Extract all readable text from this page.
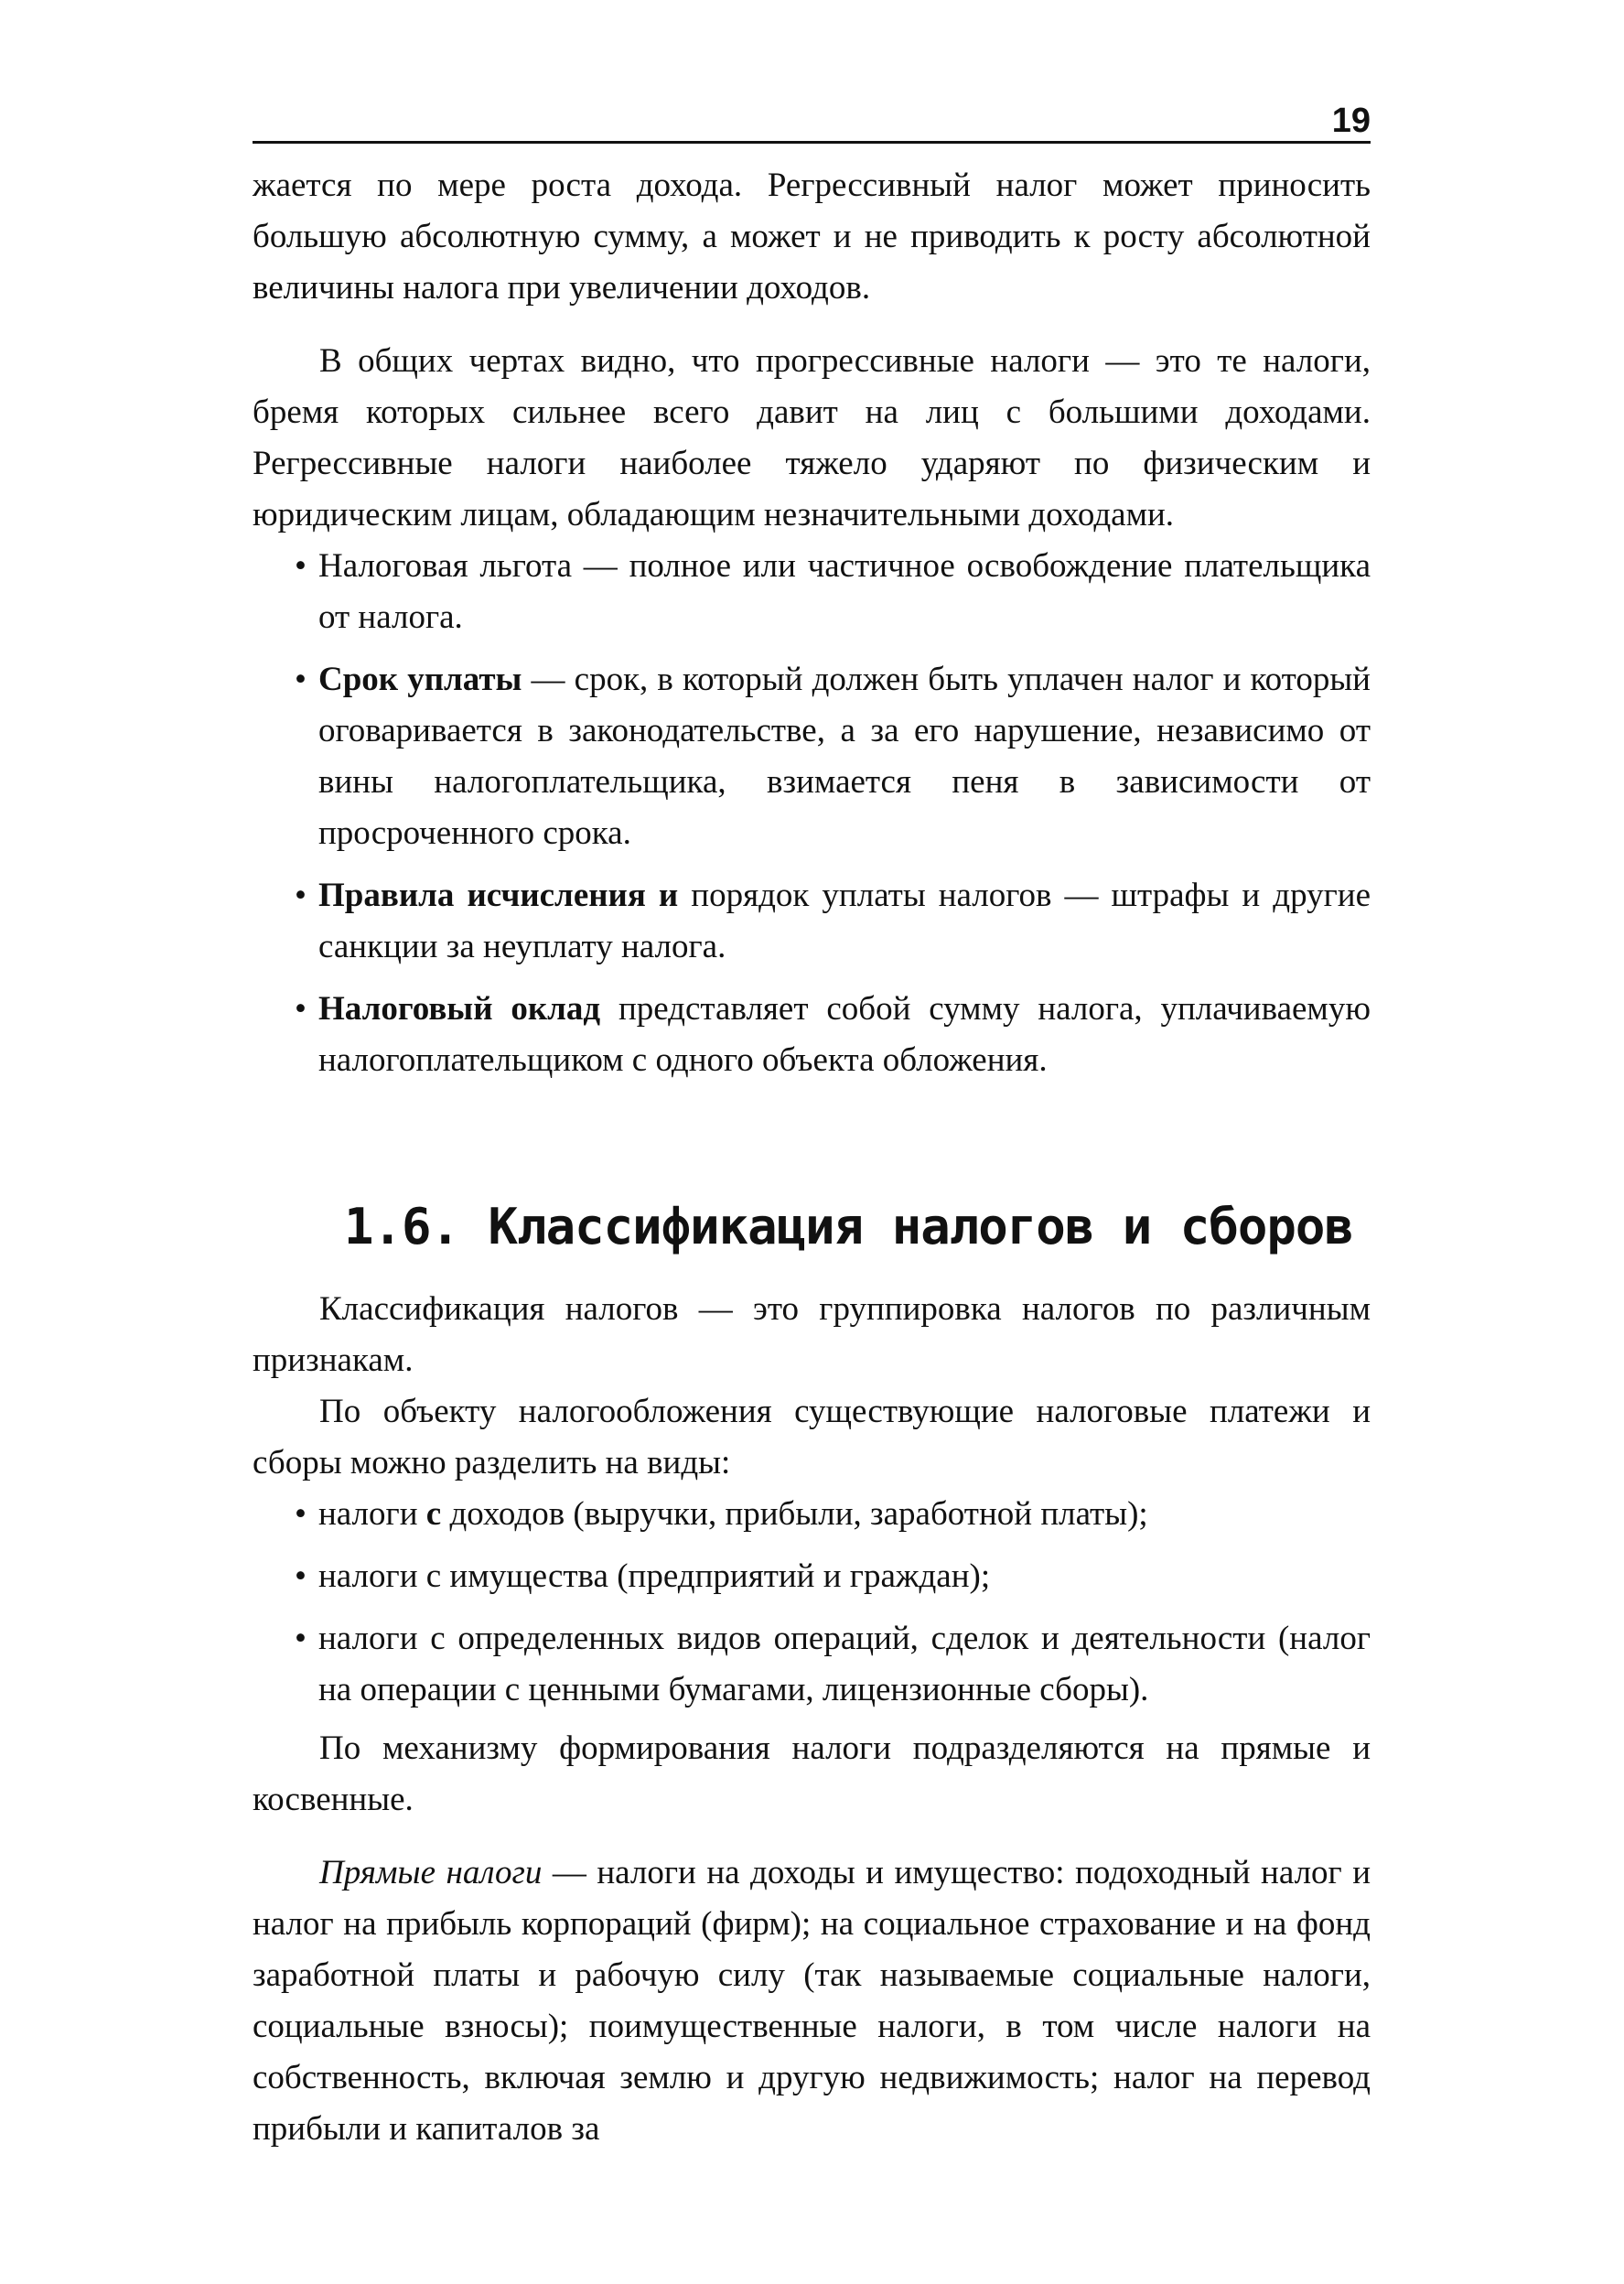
19

жается по мере роста дохода. Регрессивный налог может приносить большую абсолютную сумму, а может и не приводить к росту абсолютной величины налога при увеличении доходов.

В общих чертах видно, что прогрессивные налоги — это те налоги, бремя которых сильнее всего давит на лиц с большими доходами. Регрессивные налоги наиболее тяжело ударяют по физическим и юридическим лицам, обладающим незначительными доходами.

• Налоговая льгота — полное или частичное освобождение плательщика от налога.
• Срок уплаты — срок, в который должен быть уплачен налог и который оговаривается в законодательстве, а за его нарушение, независимо от вины налогоплательщика, взимается пеня в зависимости от просроченного срока.
• Правила исчисления и порядок уплаты налогов — штрафы и другие санкции за неуплату налога.
• Налоговый оклад представляет собой сумму налога, уплачиваемую налогоплательщиком с одного объекта обложения.
1.6. Классификация налогов и сборов

Классификация налогов — это группировка налогов по различным признакам.

По объекту налогообложения существующие налоговые платежи и сборы можно разделить на виды:

• налоги с доходов (выручки, прибыли, заработной платы);
• налоги с имущества (предприятий и граждан);
• налоги с определенных видов операций, сделок и деятельности (налог на операции с ценными бумагами, лицензионные сборы).

По механизму формирования налоги подразделяются на прямые и косвенные.

Прямые налоги — налоги на доходы и имущество: подоходный налог и налог на прибыль корпораций (фирм); на социальное страхование и на фонд заработной платы и рабочую силу (так называемые социальные налоги, социальные взносы); поимущественные налоги, в том числе налоги на собственность, включая землю и другую недвижимость; налог на перевод прибыли и капиталов за
